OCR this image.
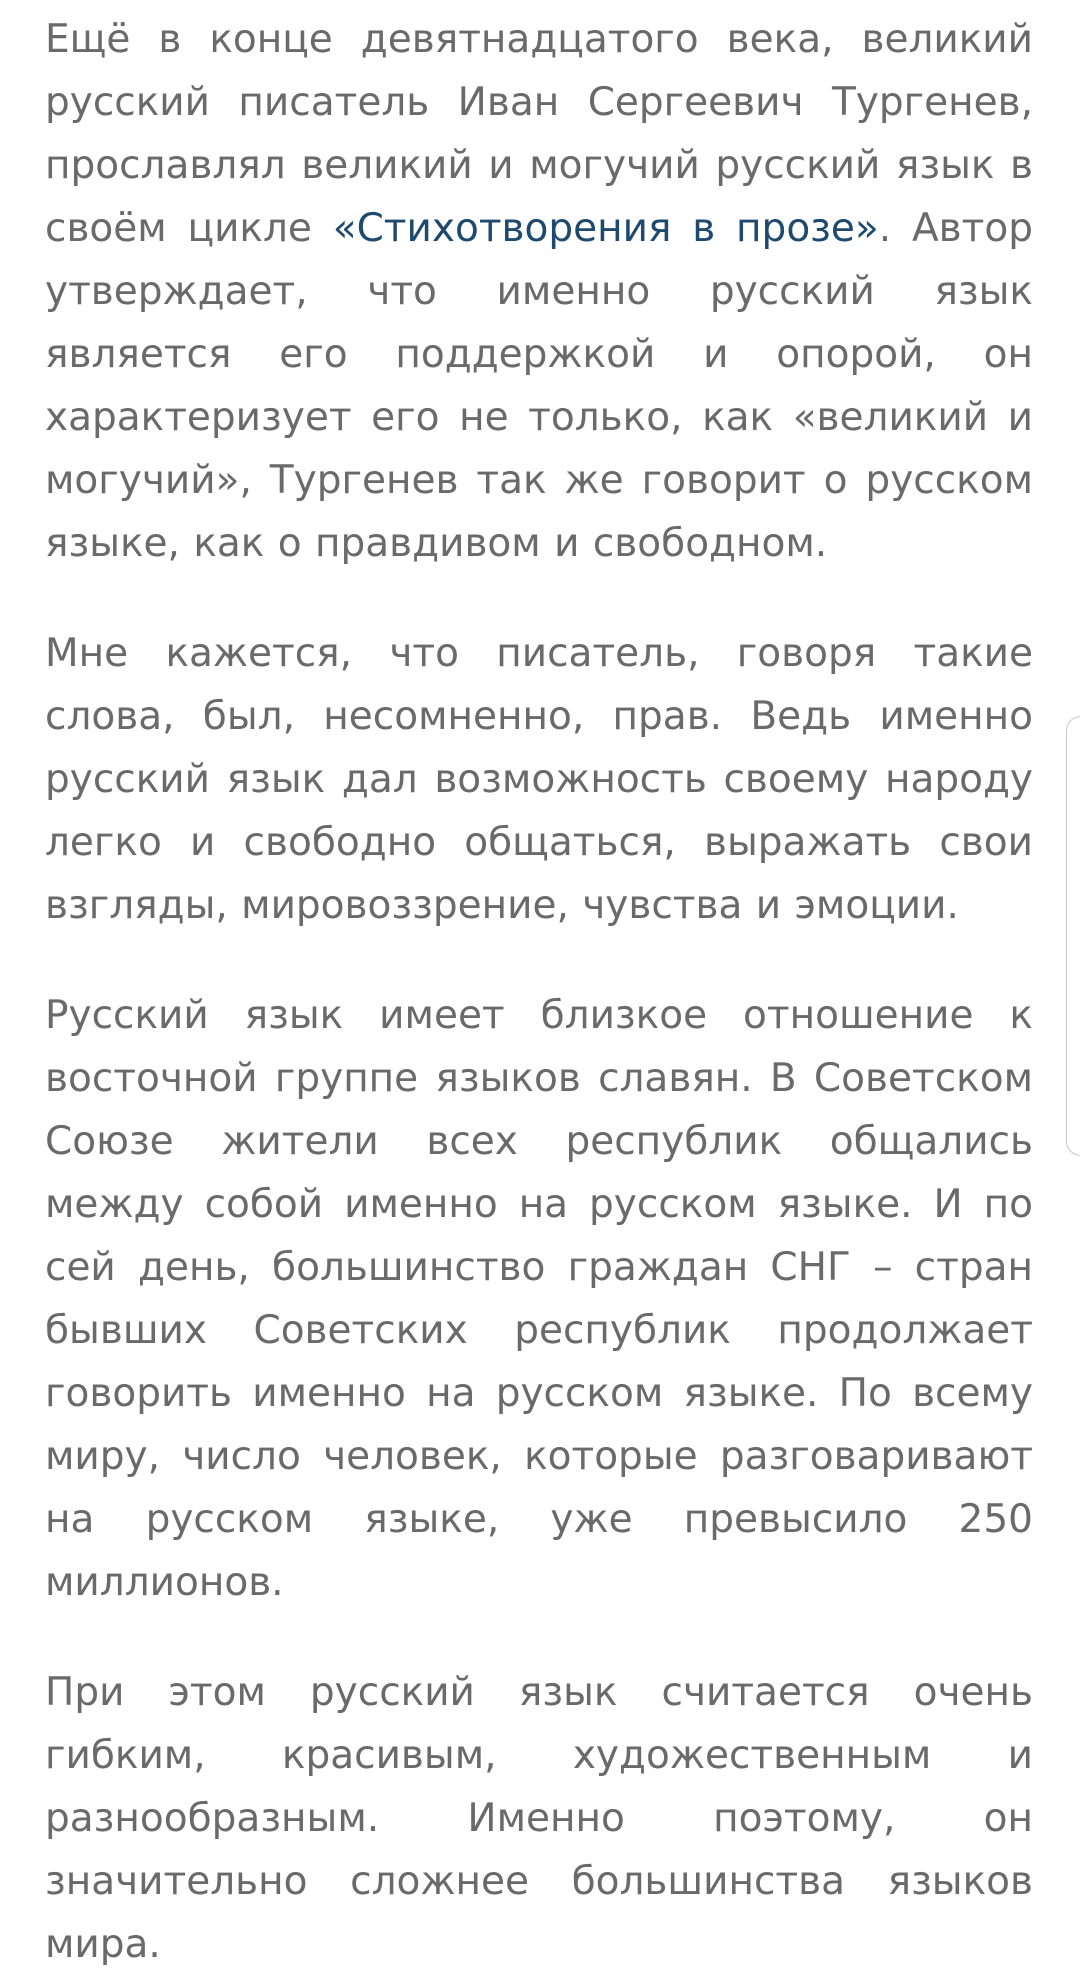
Ещё в конце девятнадцатого века, великий русский писатель Иван Сергеевич Тургенев, прославлял великий и могучий русский язык в своём цикле «Стихотворения в прозе». Автор утверждает, что именно русский язык является его поддержкой и опорой, он характеризует его не только, как «великий и могучий», Тургенев так же говорит о русском языке, как о правдивом и свободном.

Мне кажется, что писатель, говоря такие слова, был, несомненно, прав. Ведь именно русский язык дал возможность своему народу легко и свободно общаться, выражать свои взгляды, мировоззрение, чувства и эмоции.

Русский язык имеет близкое отношение к восточной группе языков славян. В Советском Союзе жители всех республик общались между собой именно на русском языке. И по сей день, большинство граждан СНГ – стран бывших Советских республик продолжает говорить именно на русском языке. По всему миру, число человек, которые разговаривают на русском языке, уже превысило 250 миллионов.

При этом русский язык считается очень гибким, красивым, художественным и разнообразным. Именно поэтому, он значительно сложнее большинства языков мира.
